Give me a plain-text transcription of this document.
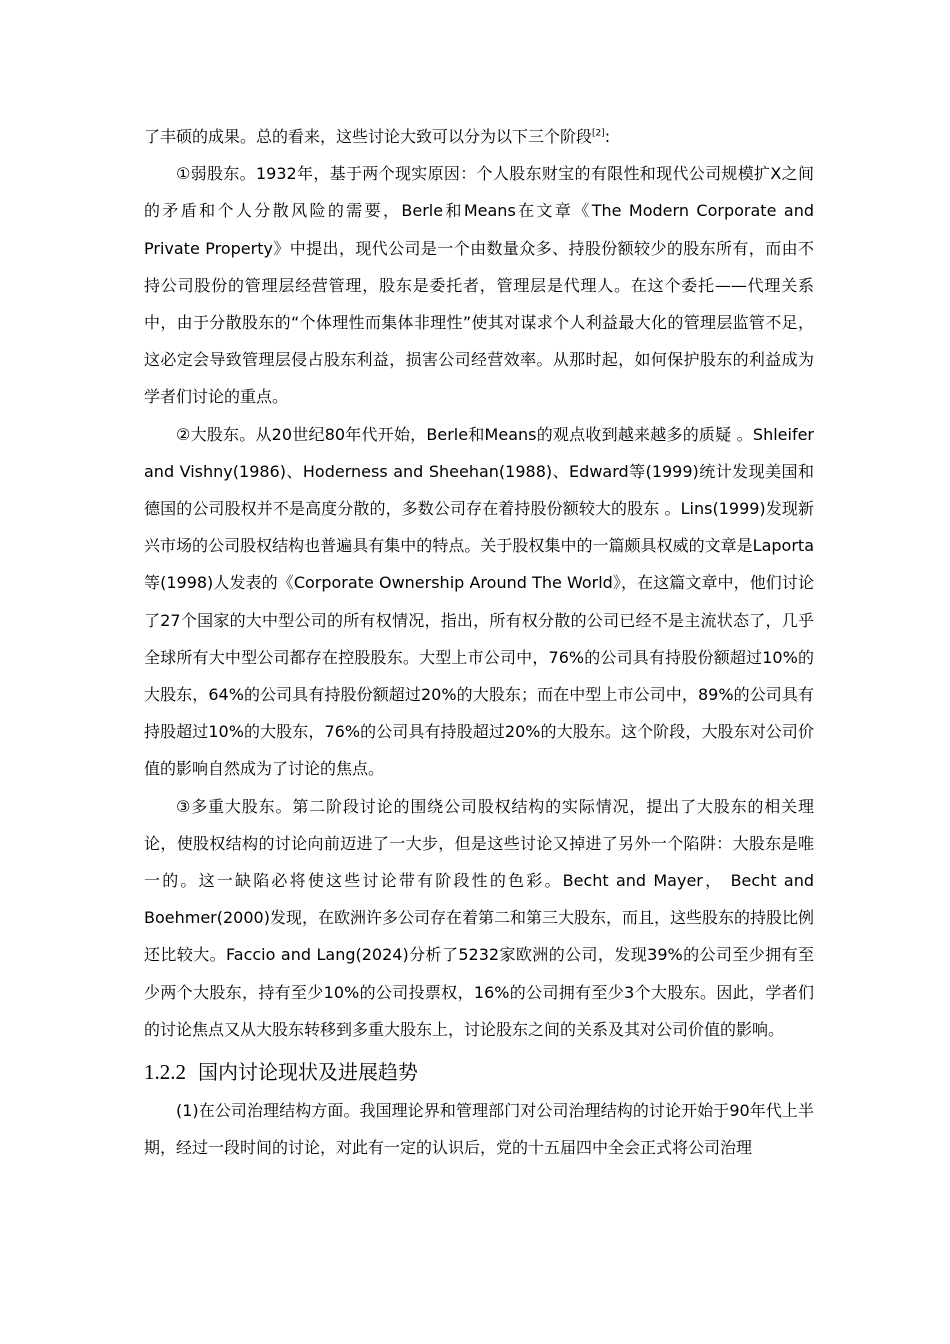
了丰硕的成果。总的看来，这些讨论大致可以分为以下三个阶段[2]:

①弱股东。1932年，基于两个现实原因：个人股东财宝的有限性和现代公司规模扩X之间的矛盾和个人分散风险的需要，Berle和Means在文章《The Modern Corporate and Private Property》中提出，现代公司是一个由数量众多、持股份额较少的股东所有，而由不持公司股份的管理层经营管理，股东是委托者，管理层是代理人。在这个委托——代理关系中，由于分散股东的“个体理性而集体非理性”使其对谋求个人利益最大化的管理层监管不足，这必定会导致管理层侵占股东利益，损害公司经营效率。从那时起，如何保护股东的利益成为学者们讨论的重点。

②大股东。从20世纪80年代开始，Berle和Means的观点收到越来越多的质疑 。Shleifer and Vishny(1986)、Hoderness and Sheehan(1988)、Edward等(1999)统计发现美国和德国的公司股权并不是高度分散的，多数公司存在着持股份额较大的股东 。Lins(1999)发现新兴市场的公司股权结构也普遍具有集中的特点。关于股权集中的一篇颇具权威的文章是Laporta等(1998)人发表的《Corporate Ownership Around The World》，在这篇文章中，他们讨论了27个国家的大中型公司的所有权情况，指出，所有权分散的公司已经不是主流状态了，几乎全球所有大中型公司都存在控股股东。大型上市公司中，76%的公司具有持股份额超过10%的大股东，64%的公司具有持股份额超过20%的大股东；而在中型上市公司中，89%的公司具有持股超过10%的大股东，76%的公司具有持股超过20%的大股东。这个阶段，大股东对公司价值的影响自然成为了讨论的焦点。

③多重大股东。第二阶段讨论的围绕公司股权结构的实际情况，提出了大股东的相关理论，使股权结构的讨论向前迈进了一大步，但是这些讨论又掉进了另外一个陷阱：大股东是唯一的。这一缺陷必将使这些讨论带有阶段性的色彩。Becht and Mayer， Becht and Boehmer(2000)发现，在欧洲许多公司存在着第二和第三大股东，而且，这些股东的持股比例还比较大。Faccio and Lang(2024)分析了5232家欧洲的公司，发现39%的公司至少拥有至少两个大股东，持有至少10%的公司投票权，16%的公司拥有至少3个大股东。因此，学者们的讨论焦点又从大股东转移到多重大股东上，讨论股东之间的关系及其对公司价值的影响。

1.2.2 国内讨论现状及进展趋势

(1)在公司治理结构方面。我国理论界和管理部门对公司治理结构的讨论开始于90年代上半期，经过一段时间的讨论，对此有一定的认识后，党的十五届四中全会正式将公司治理
